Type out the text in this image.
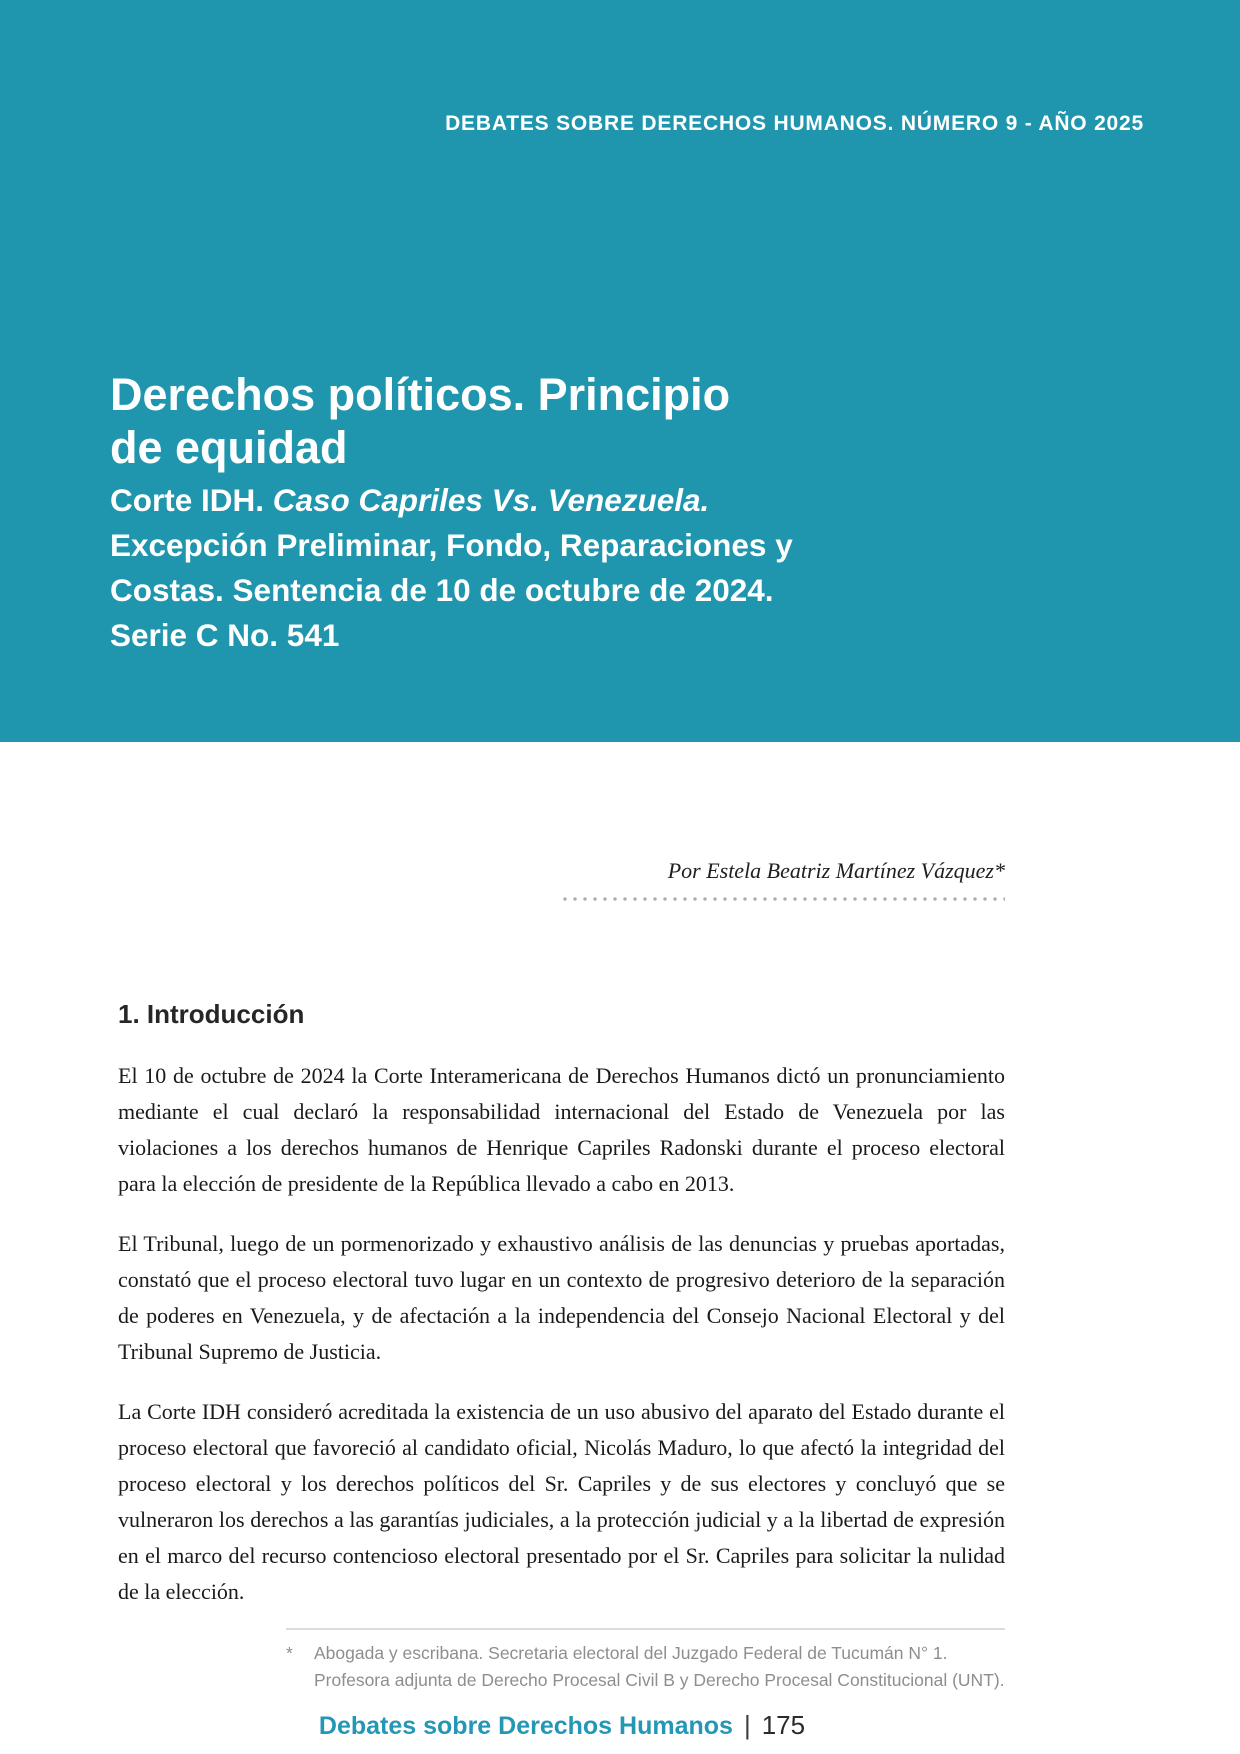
DEBATES SOBRE DERECHOS HUMANOS. NÚMERO 9 - AÑO 2025
Derechos políticos. Principio
de equidad
Corte IDH. Caso Capriles Vs. Venezuela.
Excepción Preliminar, Fondo, Reparaciones y
Costas. Sentencia de 10 de octubre de 2024.
Serie C No. 541
Por Estela Beatriz Martínez Vázquez*
1. Introducción

El 10 de octubre de 2024 la Corte Interamericana de Derechos Humanos dictó un pronunciamiento mediante el cual declaró la responsabilidad internacional del Estado de Venezuela por las violaciones a los derechos humanos de Henrique Capriles Radonski durante el proceso electoral para la elección de presidente de la República llevado a cabo en 2013.

El Tribunal, luego de un pormenorizado y exhaustivo análisis de las denuncias y pruebas aportadas, constató que el proceso electoral tuvo lugar en un contexto de progresivo deterioro de la separación de poderes en Venezuela, y de afectación a la independencia del Consejo Nacional Electoral y del Tribunal Supremo de Justicia.

La Corte IDH consideró acreditada la existencia de un uso abusivo del aparato del Estado durante el proceso electoral que favoreció al candidato oficial, Nicolás Maduro, lo que afectó la integridad del proceso electoral y los derechos políticos del Sr. Capriles y de sus electores y concluyó que se vulneraron los derechos a las garantías judiciales, a la protección judicial y a la libertad de expresión en el marco del recurso contencioso electoral presentado por el Sr. Capriles para solicitar la nulidad de la elección.

* Abogada y escribana. Secretaria electoral del Juzgado Federal de Tucumán N° 1. Profesora adjunta de Derecho Procesal Civil B y Derecho Procesal Constitucional (UNT).

Debates sobre Derechos Humanos | 175
